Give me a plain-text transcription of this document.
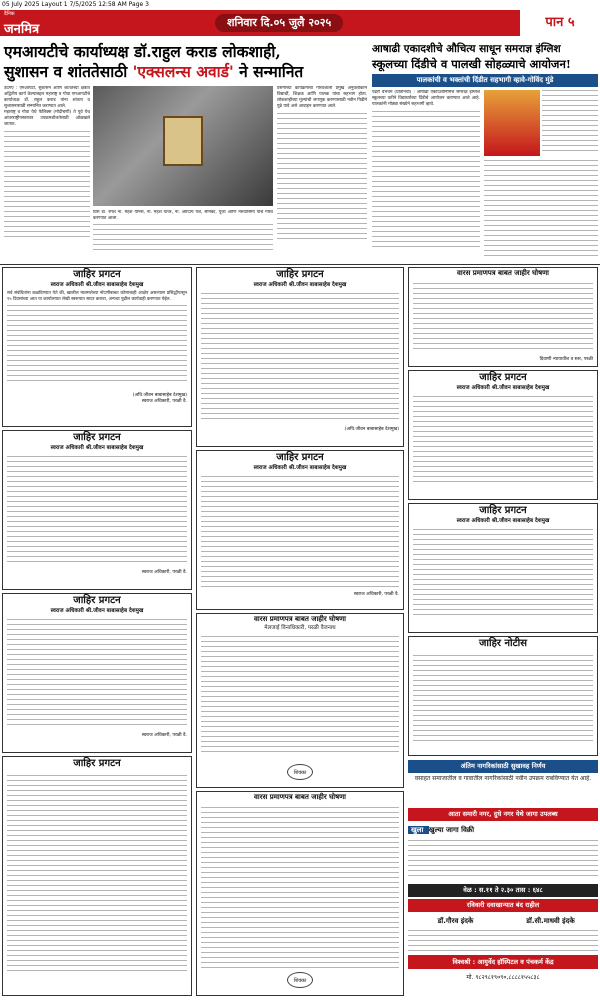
05 July 2025 Layout 1 7/5/2025 12:58 AM Page 3
दैनिक
जनमित्र	शनिवार दि.०५ जुलै २०२५	पान ५
एमआयटीचे कार्याध्यक्ष डॉ.राहुल कराड लोकशाही,
सुशासन व शांततेसाठी 'एक्सलन्स अवार्ड' ने सन्मानित
उदगए : एमआयटी, सुशासन आणि शांततेच्या क्षेत्रात अद्वितीय कार्य केल्याबद्दल महाराष्ट्र व गोवा एमआयटीचे कार्याध्यक्ष डॉ. राहुल कराड यांना शांतता व सुशासनासाठी सन्मानित करण्यात आले.
महाराष्ट्र व गोवा येथे फेलिक्स (मोदीचणी) ते पूर्व येथ आंतरराष्ट्रीयस्तरावर उपक्रमशीलतेसाठी ओळखले जातात.
प्रिंस डॉ. रमेश ना. महेश योनस, ना. महेश यावर, ना. आदित्य यश, सनिका, पूजा आणि नेरुवासिमा यांचे गौरव करण्यात आला.
प्रसंगीच्या कार्यक्रमाची गौरवशाली प्रमुख अनुवंशीकाने विद्यार्थी, शिक्षक आणि पालक यांचा सहभाग होता. लोकशाहीच्या मूल्यांची जपणूक करण्यासाठी नवीन पिढीने पुढे यावे असे आवाहन करण्यात आले.
आषाढी एकादशीचे औचित्य साधून समराज्ञ इंग्लिश
स्कूलच्या दिंडीचे व पालखी सोहळ्याचे आयोजन!
पालकांची व भक्तांची दिंडीत सहभागी व्हावे-गोविंद मुंडे
पंढरी वैभवम (प्रतिनिधी) : आषाढी एकादशीनिमित्त समराज्ञ इंग्लिश स्कूलच्या वतीने विद्यार्थ्यांच्या दिंडीचे आयोजन करण्यात आले आहे. पालकांनी मोठ्या संख्येने सहभागी व्हावे.
जाहिर प्रगटन
स्वराज अधिकारी श्री.जीवन बाबासाहेब देशमुख
सर्व संबंधितांना कळविण्यात येते की, खालील मालमत्तेच्या नोंदणीबाबत कोणाचाही आक्षेप असल्यास प्रसिद्धीपासून १५ दिवसांच्या आत या कार्यालयात लेखी स्वरूपात सादर करावा, अन्यथा पुढील कार्यवाही करण्यात येईल.
(अधि.जीवन बाबासाहेब देशमुख)
स्वराज अधिकारी, परळी वै.
जाहिर प्रगटन
स्वराज अधिकारी श्री.जीवन बाबासाहेब देशमुख
स्वराज अधिकारी, परळी वै.
जाहिर प्रगटन
स्वराज अधिकारी श्री.जीवन बाबासाहेब देशमुख
स्वराज अधिकारी, परळी वै.
जाहिर प्रगटन
जाहिर प्रगटन
स्वराज अधिकारी श्री.जीवन बाबासाहेब देशमुख
(अधि.जीवन बाबासाहेब देशमुख)
जाहिर प्रगटन
स्वराज अधिकारी श्री.जीवन बाबासाहेब देशमुख
स्वराज अधिकारी, परळी वै.
वारस प्रमाणपत्र बाबत जाहीर घोषणा
मेलजाई विनाधिकारी, परळी वैजनाथ
शिक्का
वारस प्रमाणपत्र बाबत जाहीर घोषणा
शिक्का
वारस प्रमाणपत्र बाबत जाहीर घोषणा
दिवाणी न्यायाधीश व स्तर, परळी
जाहिर प्रगटन
स्वराज अधिकारी श्री.जीवन बाबासाहेब देशमुख
जाहिर प्रगटन
स्वराज अधिकारी श्री.जीवन बाबासाहेब देशमुख
जाहिर नोटीस
अंतिम नागरिकांसाठी सुखावह निर्णय
वसाहत समाजातील व गावातील नागरिकांसाठी नवीन उपक्रम राबविण्यात येत आहे.
आता समारी नगर, दुधे नगर येथे जागा उपलब्ध
खुला खुल्या जागा विक्री
वेळ : स.११ ते २.३० तास : ६४८
रविवारी दवाखान्यात बंद राहील
डॉ.गौरव इंदके	डॉ.सी.माधवी इंदके
विश्वश्री : आयुर्वेद हॉस्पिटल व पंचकर्म केंद्र
मो. ९८२९८१९०९०,८८८८१५५८३८
